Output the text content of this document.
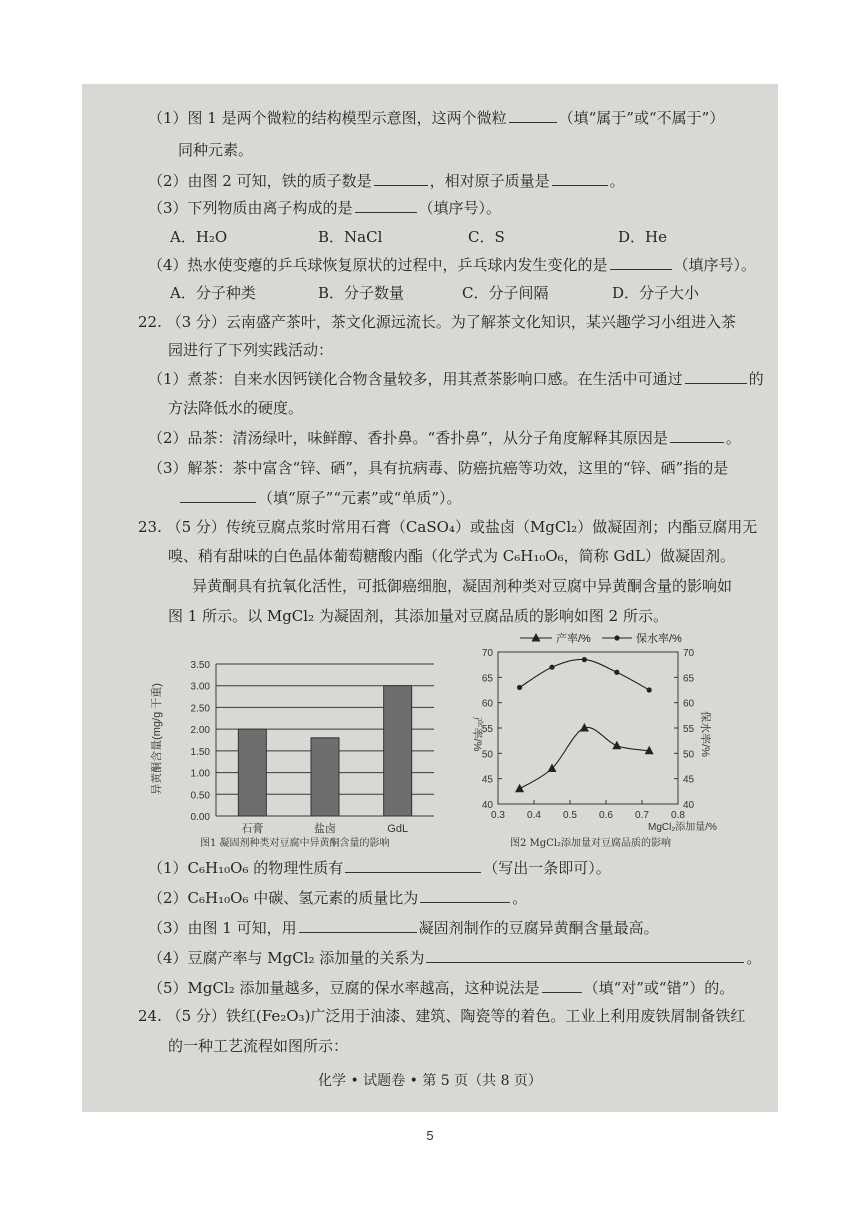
（1）图 1 是两个微粒的结构模型示意图，这两个微粒	（填“属于”或“不属于”）
同种元素。
（2）由图 2 可知，铁的质子数是	，相对原子质量是	。
（3）下列物质由离子构成的是	（填序号）。
A．H₂O	B．NaCl	C．S	D．He
（4）热水使变瘪的乒乓球恢复原状的过程中，乒乓球内发生变化的是	（填序号）。
A．分子种类	B．分子数量	C．分子间隔	D．分子大小
22. （3 分）云南盛产茶叶，茶文化源远流长。为了解茶文化知识，某兴趣学习小组进入茶
园进行了下列实践活动：
（1）煮茶：自来水因钙镁化合物含量较多，用其煮茶影响口感。在生活中可通过	的
方法降低水的硬度。
（2）品茶：清汤绿叶，味鲜醇、香扑鼻。“香扑鼻”，从分子角度解释其原因是	。
（3）解茶：茶中富含“锌、硒”，具有抗病毒、防癌抗癌等功效，这里的“锌、硒”指的是
（填“原子”“元素”或“单质”）。
23. （5 分）传统豆腐点浆时常用石膏（CaSO₄）或盐卤（MgCl₂）做凝固剂；内酯豆腐用无
嗅、稍有甜味的白色晶体葡萄糖酸内酯（化学式为 C₆H₁₀O₆，简称 GdL）做凝固剂。
异黄酮具有抗氧化活性，可抵御癌细胞，凝固剂种类对豆腐中异黄酮含量的影响如
图 1 所示。以 MgCl₂ 为凝固剂，其添加量对豆腐品质的影响如图 2 所示。
异黄酮含量(mg/g 干重)
0.00
0.50
1.00
1.50
2.00
2.50
3.00
3.50
石膏	盐卤	GdL
图1 凝固剂种类对豆腐中异黄酮含量的影响
产率/%	保水率/%
40	40
45	45
50	50
55	55
60	60
65	65
70	70
0.3 0.4 0.5 0.6 0.7 0.8
产率/%	保水率/%
MgCl₂添加量/%
图2 MgCl₂添加量对豆腐品质的影响
（1）C₆H₁₀O₆ 的物理性质有	（写出一条即可）。
（2）C₆H₁₀O₆ 中碳、氢元素的质量比为	。
（3）由图 1 可知，用	凝固剂制作的豆腐异黄酮含量最高。
（4）豆腐产率与 MgCl₂ 添加量的关系为	。
（5）MgCl₂ 添加量越多，豆腐的保水率越高，这种说法是	（填“对”或“错”）的。
24. （5 分）铁红(Fe₂O₃)广泛用于油漆、建筑、陶瓷等的着色。工业上利用废铁屑制备铁红
的一种工艺流程如图所示：
化学 • 试题卷 • 第 5 页（共 8 页）
5
